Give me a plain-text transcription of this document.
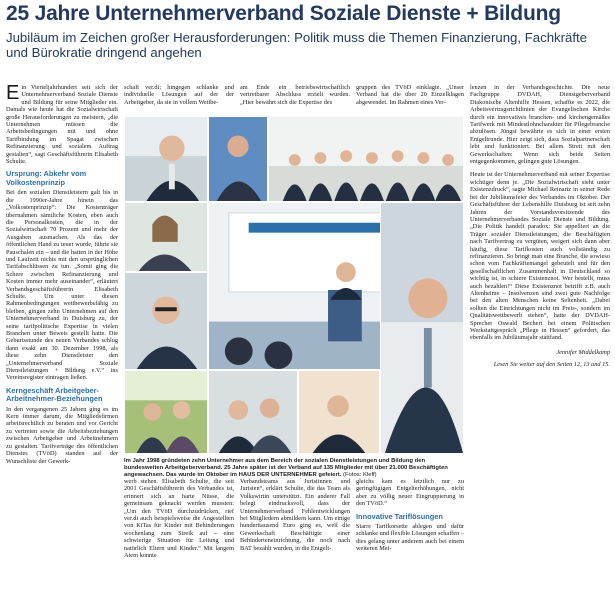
25 Jahre Unternehmerverband Soziale Dienste + Bildung
Jubiläum im Zeichen großer Herausforderungen: Politik muss die Themen Finanzierung, Fachkräfte und Bürokratie dringend angehen

Ein Vierteljahrhundert seit sich der Unternehmerverband Soziale Dienste und Bildung für seine Mitglieder ein. Damals wie heute hat die Sozialwirtschaft große Herausforderungen zu meistern, „die Unternehmen müssen die Arbeitsbedingungen mit und ohne Tarifbindung im Spagat zwischen Refinanzierung und sozialem Auftrag gestalten“, sagt Geschäftsführerin Elisabeth Schulte.

Ursprung: Abkehr vom Volkostenprinzip

Bei den sozialen Dienstleistern galt bis in die 1990er-Jahre hinein das „Volkostenprinzip“: Die Kostenträger übernahmen sämtliche Kosten, eben auch die Personalkosten, die in der Sozialwirtschaft 70 Prozent und mehr der Ausgaben ausmachen. Als das der öffentlichen Hand zu teuer wurde, führte sie Pauschalen ein – und die hatten in der Höhe und Laufzeit nichts mit den ursprünglichen Tarifabschlüssen zu tun. „Somit ging die Schere zwischen Refinanzierung und Kosten immer mehr auseinander“, erläutert Verbandsgeschäftsführerin Elisabeth Schulte. Um unter diesen Rahmenbedingungen wettbewerbsfähig zu bleiben, gingen zehn Unternehmen auf den Unternehmerverband in Duisburg zu, der seine tarifpolitische Expertise in vielen Branchen unter Beweis gestellt hatte. Die Geburtsstunde des neuen Verbandes schlug dann exakt am 30. Dezember 1998, als diese zehn Dienstleister den „Unternehmerverband Soziale Dienstleistungen + Bildung e.V.“ ins Vereinsregister eintragen ließen.

Kerngeschäft Arbeitgeber-Arbeitnehmer-Beziehungen

In den vergangenen 25 Jahren ging es im Kern immer darum, die Mitgliedsfirmen arbeitsrechtlich zu beraten und vor Gericht zu vertreten sowie die Arbeitsbeziehungen zwischen Arbeitgeber und Arbeitnehmern zu gestalten. Tarifverträge des öffentlichen Dienstes (TVöD) standen auf der Wunschliste der Gewerk-

schaft ver.di; hingegen schlanke und individuelle Lösungen auf der der Arbeitgeber, da sie in vollem Wettbe-
am Ende ein betriebswirtschaftlich vertretbarer Abschluss erzielt wurden. „Hier bewährt sich die Expertise des
gruppen des TVöD einklagte. „Unser Verband hat die über 20 Einzelklagen abgewendet. Im Rahmen eines Ver-

lenzen in der Verbandsgeschichte. Die neue Fachgruppe DVDAH, Dienstgeberverband Diakonische Altenhilfe Hessen, schaffte es 2022, die Arbeitsvertragsrichtlinien der Evangelischen Kirche durch ein innovatives branchen- und kirchengemäßes Tarifwerk mit Mindestlohncharakter für Pflegebranche abzulösen. Jüngst bewährte es sich in einer ersten Entgeltrunde. Hier zeigt sich, dass Sozialpartnerschaft lebt und funktioniert. Bei allem Streit mit den Gewerkschaften: Wenn sich beide Seiten entgegenkommen, gelingen gute Lösungen.

Heute ist der Unternehmerverband mit seiner Expertise wichtiger denn je. „Die Sozialwirtschaft sieht unter Existenzdruck“, sagte Michael Reinartz in seiner Rede bei der Jubiläumsfeier des Verbandes im Oktober. Der Geschäftsführer der Lebenshilfe Duisburg ist seit zehn Jahren der Vorstandsvorsitzende des Unternehmerverbandes Soziale Dienste und Bildung. „Die Politik handelt paradox: Sie appelliert an die Träger sozialer Dienstleistungen, die Beschäftigten nach Tarifvertrag zu vergüten, weigert sich dann aber häufig, diese Tarifkosten auch vollständig zu refinanzieren. So bringt man eine Branche, die sowieso schon vom Fachkräftemangel gebeutelt und für den gesellschaftlichen Zusammenhalt in Deutschland so wichtig ist, in schiere Existenznot. Wer bestellt, muss auch bezahlen!“ Diese Existenznot betrifft z.B. auch Altenheime – Insolvenzen sind zwei gute Nachfolge bei den alten Menschen keine Seltenheit. „Dabei sollten die Einrichtungen nicht im Preis-, sondern im Qualitätswettbewerb stehen“, hatte der DVDAH-Sprecher Oswald Bechert bei einem Politischen Werkstattgespräch „Pflege in Hessen“ gefordert, das ebenfalls im Jubiläumsjahr stattfand.

Jennifer Middelkamp
Lesen Sie weiter auf den Seiten 12, 13 und 15.
Im Jahr 1998 gründeten zehn Unternehmer aus dem Bereich der sozialen Dienstleistungen und Bildung den bundesweiten Arbeitgeberverband. 25 Jahre später ist der Verband auf 135 Mitglieder mit über 21.000 Beschäftigten angewachsen. Das wurde im Oktober im HAUS DER UNTERNEHMER gefeiert. (Fotos: Kleff)
werb stehen. Elisabeth Schulte, die seit 2001 Geschäftsführerin des Verbandes ist, erinnert sich an harte Nüsse, die gemeinsam geknackt werden mussten: „Um den TVöD durchzudrücken, rief ver.di auch beispielsweise die Angestellten von KiTas für Kinder mit Behinderungen wochenlang zum Streik auf – eine schwierige Situation für Leitung und natürlich Eltern und Kinder.“ Mit langem Atem konnte
Verbandsteams aus Juristinnen und Juristen“, erklärt Schulte, die das Team als Volkswirtin unterstützt. Ein anderer Fall belegt eindrucksvoll, dass der Unternehmerverband Fehlentwicklungen bei Mitgliedern abmildern kann. Um einige hunderttausend Euro ging es, weil die Gewerkschaft Beschäftigte einer Behinderteneinrichtung, die noch nach BAT bezahlt wurden, in die Entgelt-

gleichs kam es letztlich nur zu geringfügigen Entgelterhöhungen, nicht aber zu völlig neuer Eingruppierung in den TVöD.“

Innovative Tariflösungen

Starre Tarifkorsette ablegen und dafür schlanke und flexible Lösungen schaffen – dies gelang unter anderem auch bei einem weiteren Mei-
